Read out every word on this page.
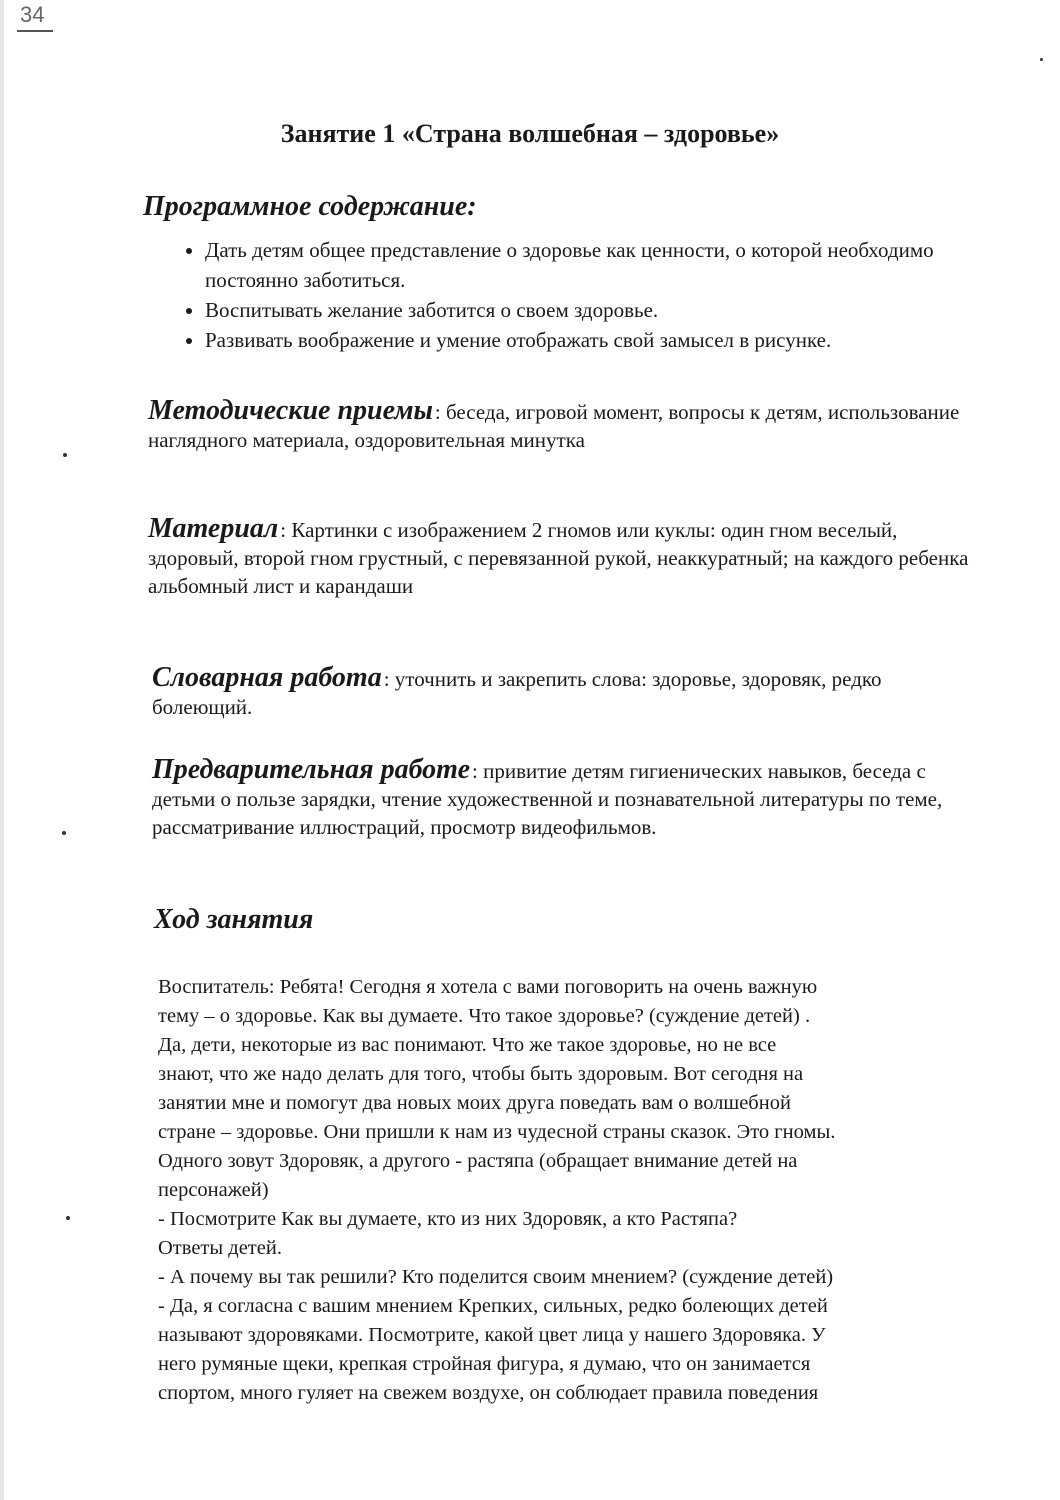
34
Занятие 1 «Страна волшебная – здоровье»
Программное содержание:
• Дать детям общее представление о здоровье как ценности, о которой необходимо постоянно заботиться.
• Воспитывать желание заботится о своем здоровье.
• Развивать воображение и умение отображать свой замысел в рисунке.
Методические приемы: беседа, игровой момент, вопросы к детям, использование наглядного материала, оздоровительная минутка
Материал: Картинки с изображением 2 гномов или куклы: один гном веселый, здоровый, второй гном грустный, с перевязанной рукой, неаккуратный; на каждого ребенка альбомный лист и карандаши
Словарная работа: уточнить и закрепить слова: здоровье, здоровяк, редко болеющий.
Предварительная работе: привитие детям гигиенических навыков, беседа с детьми о пользе зарядки, чтение художественной и познавательной литературы по теме, рассматривание иллюстраций, просмотр видеофильмов.
Ход занятия
Воспитатель: Ребята! Сегодня я хотела с вами поговорить на очень важную
тему – о здоровье. Как вы думаете. Что такое здоровье? (суждение детей) .
Да, дети, некоторые из вас понимают. Что же такое здоровье, но не все
знают, что же надо делать для того, чтобы быть здоровым. Вот сегодня на
занятии мне и помогут два новых моих друга поведать вам о волшебной
стране – здоровье. Они пришли к нам из чудесной страны сказок. Это гномы.
Одного зовут Здоровяк, а другого - растяпа (обращает внимание детей на
персонажей)
- Посмотрите Как вы думаете, кто из них Здоровяк, а кто Растяпа?
Ответы детей.
- А почему вы так решили? Кто поделится своим мнением? (суждение детей)
- Да, я согласна с вашим мнением Крепких, сильных, редко болеющих детей
называют здоровяками. Посмотрите, какой цвет лица у нашего Здоровяка. У
него румяные щеки, крепкая стройная фигура, я думаю, что он занимается
спортом, много гуляет на свежем воздухе, он соблюдает правила поведения
